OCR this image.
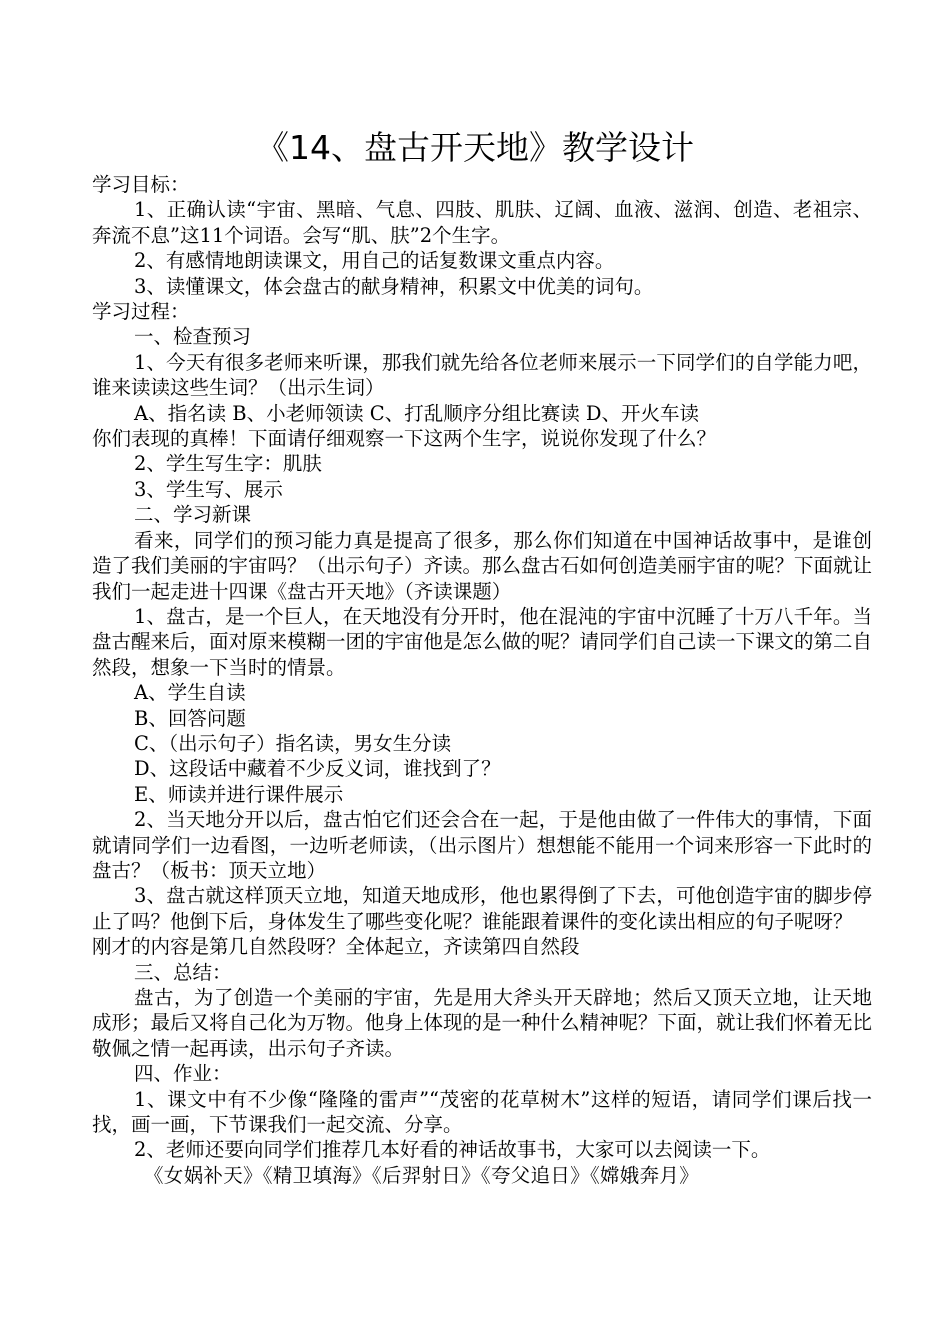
《14、盘古开天地》教学设计

学习目标：

1、正确认读“宇宙、黑暗、气息、四肢、肌肤、辽阔、血液、滋润、创造、老祖宗、奔流不息”这11个词语。会写“肌、肤”2个生字。

2、有感情地朗读课文，用自己的话复数课文重点内容。

3、读懂课文，体会盘古的献身精神，积累文中优美的词句。

学习过程：

一、检查预习

1、今天有很多老师来听课，那我们就先给各位老师来展示一下同学们的自学能力吧，谁来读读这些生词？（出示生词）

A、指名读 B、小老师领读 C、打乱顺序分组比赛读 D、开火车读

你们表现的真棒！下面请仔细观察一下这两个生字，说说你发现了什么？

2、学生写生字：肌肤

3、学生写、展示

二、学习新课

看来，同学们的预习能力真是提高了很多，那么你们知道在中国神话故事中，是谁创造了我们美丽的宇宙吗？（出示句子）齐读。那么盘古石如何创造美丽宇宙的呢？下面就让我们一起走进十四课《盘古开天地》（齐读课题）

1、盘古，是一个巨人，在天地没有分开时，他在混沌的宇宙中沉睡了十万八千年。当盘古醒来后，面对原来模糊一团的宇宙他是怎么做的呢？请同学们自己读一下课文的第二自然段，想象一下当时的情景。

A、学生自读

B、回答问题

C、（出示句子）指名读，男女生分读

D、这段话中藏着不少反义词，谁找到了？

E、师读并进行课件展示

2、当天地分开以后，盘古怕它们还会合在一起，于是他由做了一件伟大的事情，下面就请同学们一边看图，一边听老师读，（出示图片）想想能不能用一个词来形容一下此时的盘古？（板书：顶天立地）

3、盘古就这样顶天立地，知道天地成形，他也累得倒了下去，可他创造宇宙的脚步停止了吗？他倒下后，身体发生了哪些变化呢？谁能跟着课件的变化读出相应的句子呢呀？

刚才的内容是第几自然段呀？全体起立，齐读第四自然段

三、总结：

盘古，为了创造一个美丽的宇宙，先是用大斧头开天辟地；然后又顶天立地，让天地成形；最后又将自己化为万物。他身上体现的是一种什么精神呢？下面，就让我们怀着无比敬佩之情一起再读，出示句子齐读。

四、作业：

1、课文中有不少像“隆隆的雷声”“茂密的花草树木”这样的短语，请同学们课后找一找，画一画，下节课我们一起交流、分享。

2、老师还要向同学们推荐几本好看的神话故事书，大家可以去阅读一下。

《女娲补天》《精卫填海》《后羿射日》《夸父追日》《嫦娥奔月》
